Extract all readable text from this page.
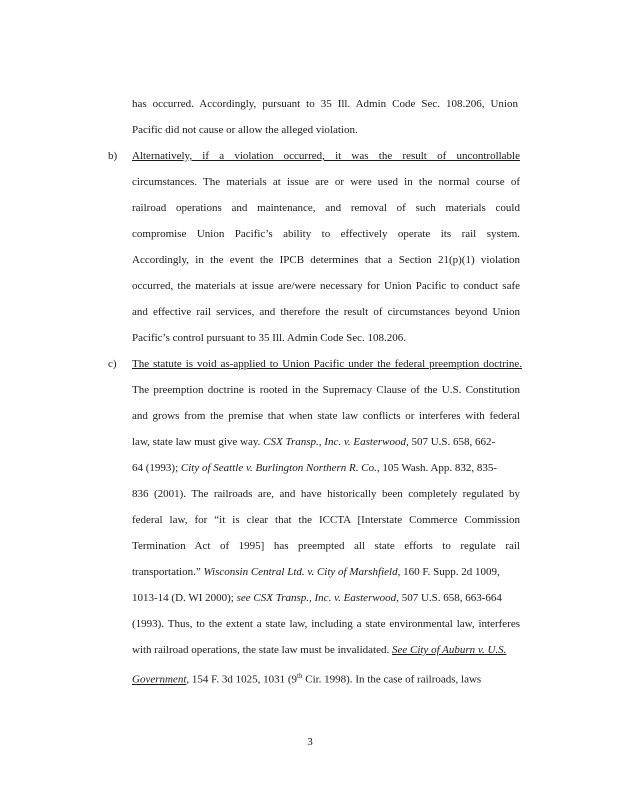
has occurred. Accordingly, pursuant to 35 Ill. Admin Code Sec. 108.206, Union
Pacific did not cause or allow the alleged violation.
b) Alternatively, if a violation occurred, it was the result of uncontrollable
circumstances. The materials at issue are or were used in the normal course of
railroad operations and maintenance, and removal of such materials could
compromise Union Pacific’s ability to effectively operate its rail system.
Accordingly, in the event the IPCB determines that a Section 21(p)(1) violation
occurred, the materials at issue are/were necessary for Union Pacific to conduct safe
and effective rail services, and therefore the result of circumstances beyond Union
Pacific’s control pursuant to 35 Ill. Admin Code Sec. 108.206.
c) The statute is void as-applied to Union Pacific under the federal preemption doctrine.
The preemption doctrine is rooted in the Supremacy Clause of the U.S. Constitution
and grows from the premise that when state law conflicts or interferes with federal
law, state law must give way. CSX Transp., Inc. v. Easterwood, 507 U.S. 658, 662-
64 (1993); City of Seattle v. Burlington Northern R. Co., 105 Wash. App. 832, 835-
836 (2001). The railroads are, and have historically been completely regulated by
federal law, for “it is clear that the ICCTA [Interstate Commerce Commission
Termination Act of 1995] has preempted all state efforts to regulate rail
transportation.” Wisconsin Central Ltd. v. City of Marshfield, 160 F. Supp. 2d 1009,
1013-14 (D. WI 2000); see CSX Transp., Inc. v. Easterwood, 507 U.S. 658, 663-664
(1993). Thus, to the extent a state law, including a state environmental law, interferes
with railroad operations, the state law must be invalidated. See City of Auburn v. U.S.
Government, 154 F. 3d 1025, 1031 (9th Cir. 1998). In the case of railroads, laws
3
